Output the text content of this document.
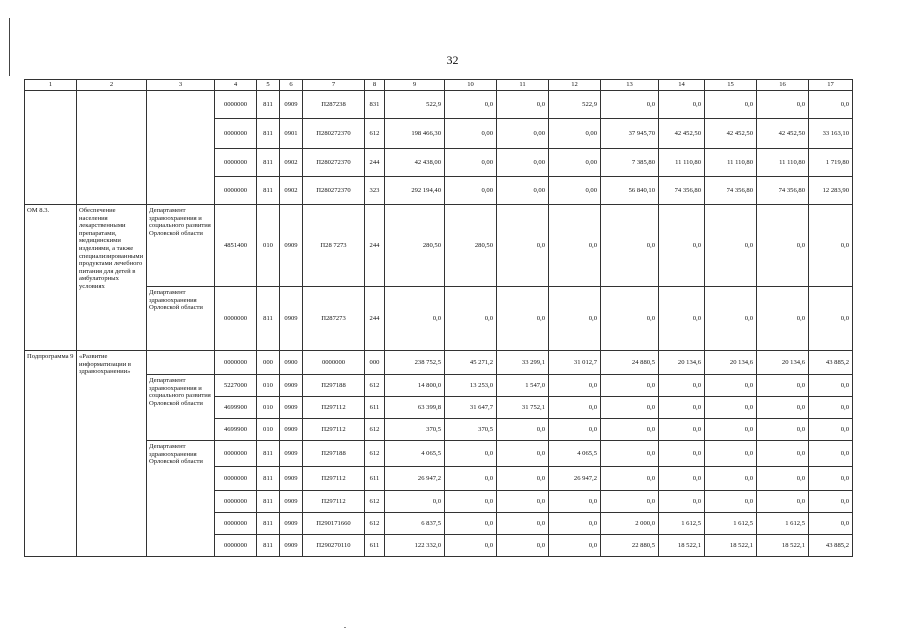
32
1	2	3	4	5	6	7	8	9	10	11	12	13	14	15	16	17
			0000000	811	0909	П287238	831	522,9	0,0	0,0	522,9	0,0	0,0	0,0	0,0	0,0
			0000000	811	0901	П280272370	612	198 466,30	0,00	0,00	0,00	37 945,70	42 452,50	42 452,50	42 452,50	33 163,10
			0000000	811	0902	П280272370	244	42 438,00	0,00	0,00	0,00	7 385,80	11 110,80	11 110,80	11 110,80	1 719,80
			0000000	811	0902	П280272370	323	292 194,40	0,00	0,00	0,00	56 840,10	74 356,80	74 356,80	74 356,80	12 283,90
ОМ 8.3.	Обеспечение населения лекарственными препаратами, медицинскими изделиями, а также специализированными продуктами лечебного питания для детей в амбулаторных условиях	Департамент здравоохранения и социального развития Орловской области	4851400	010	0909	П28 7273	244	280,50	280,50	0,0	0,0	0,0	0,0	0,0	0,0	0,0
		Департамент здравоохранения Орловской области	0000000	811	0909	П287273	244	0,0	0,0	0,0	0,0	0,0	0,0	0,0	0,0	0,0
Подпрограмма 9	«Развитие информатизации в здравоохранении»		0000000	000	0900	0000000	000	238 752,5	45 271,2	33 299,1	31 012,7	24 880,5	20 134,6	20 134,6	20 134,6	43 885,2
		Департамент здравоохранения и социального развития Орловской области	5227000	010	0909	П297188	612	14 800,0	13 253,0	1 547,0	0,0	0,0	0,0	0,0	0,0	0,0
			4699900	010	0909	П297112	611	63 399,8	31 647,7	31 752,1	0,0	0,0	0,0	0,0	0,0	0,0
			4699900	010	0909	П297112	612	370,5	370,5	0,0	0,0	0,0	0,0	0,0	0,0	0,0
		Департамент здравоохранения Орловской области	0000000	811	0909	П297188	612	4 065,5	0,0	0,0	4 065,5	0,0	0,0	0,0	0,0	0,0
			0000000	811	0909	П297112	611	26 947,2	0,0	0,0	26 947,2	0,0	0,0	0,0	0,0	0,0
			0000000	811	0909	П297112	612	0,0	0,0	0,0	0,0	0,0	0,0	0,0	0,0	0,0
			0000000	811	0909	П290171660	612	6 837,5	0,0	0,0	0,0	2 000,0	1 612,5	1 612,5	1 612,5	0,0
			0000000	811	0909	П290270110	611	122 332,0	0,0	0,0	0,0	22 880,5	18 522,1	18 522,1	18 522,1	43 885,2
